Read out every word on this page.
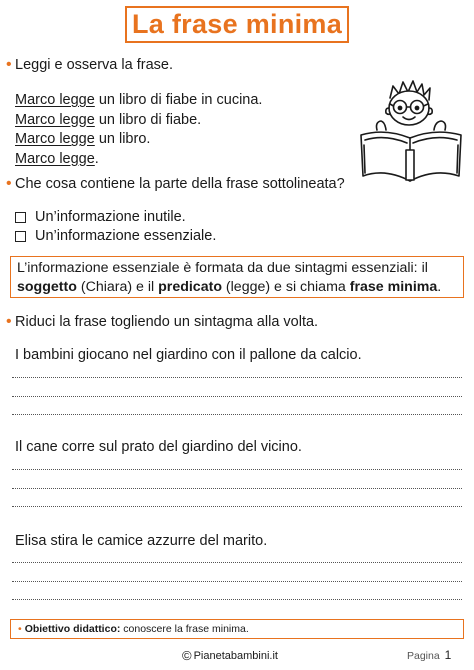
La frase minima
• Leggi e osserva la frase.
Marco legge un libro di fiabe in cucina.
Marco legge un libro di fiabe.
Marco legge un libro.
Marco legge.
• Che cosa contiene la parte della frase sottolineata?
Un’informazione inutile.
Un’informazione essenziale.
L’informazione essenziale è formata da due sintagmi essenziali: il soggetto (Chiara) e il predicato (legge) e si chiama frase minima.
• Riduci la frase togliendo un sintagma alla volta.
I bambini giocano nel giardino con il pallone da calcio.
Il cane corre sul prato del giardino del vicino.
Elisa stira le camice azzurre del marito.
• Obiettivo didattico: conoscere la frase minima.
© Pianetabambini.it	Pagina 1
